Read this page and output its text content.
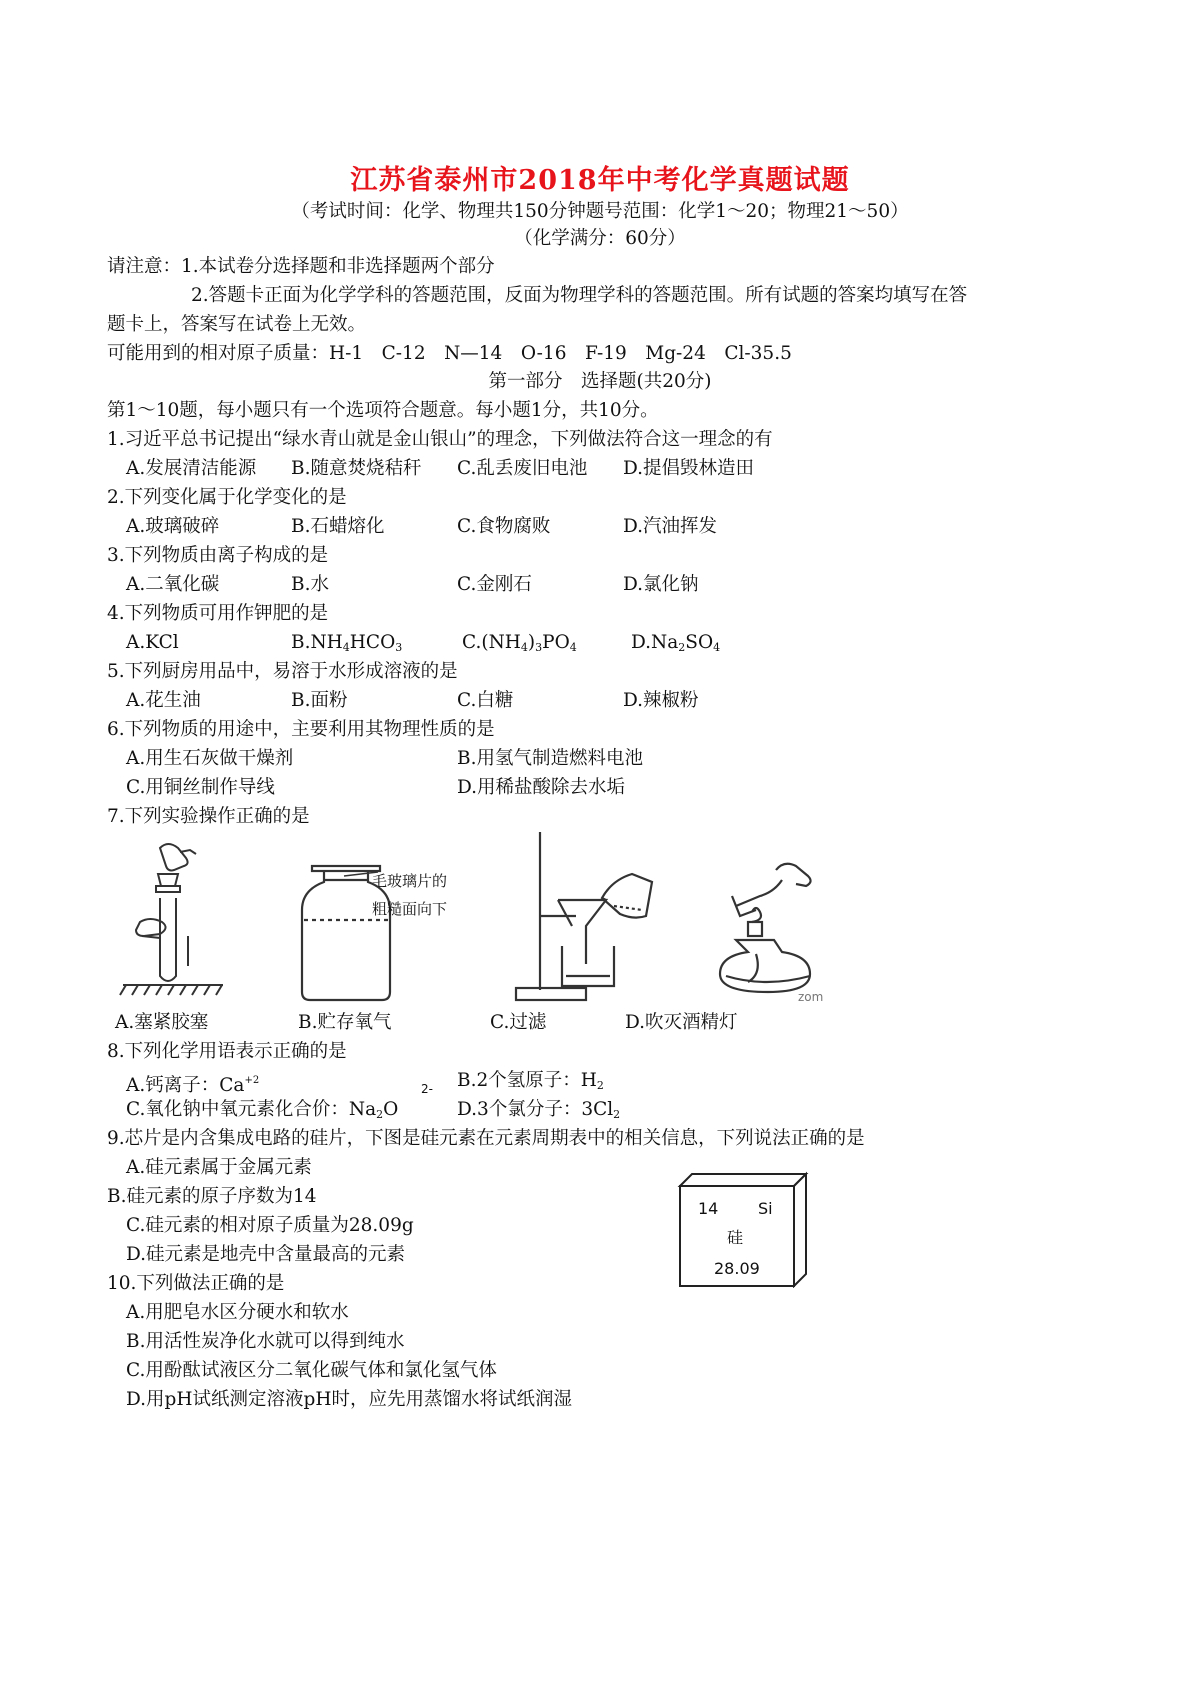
江苏省泰州市2018年中考化学真题试题
（考试时间：化学、物理共150分钟题号范围：化学1～20；物理21～50）
（化学满分：60分）
请注意：1.本试卷分选择题和非选择题两个部分
2.答题卡正面为化学学科的答题范围，反面为物理学科的答题范围。所有试题的答案均填写在答
题卡上，答案写在试卷上无效。
可能用到的相对原子质量：H-1　C-12　N—14　O-16　F-19　Mg-24　Cl-35.5
第一部分　选择题(共20分)
第1～10题，每小题只有一个选项符合题意。每小题1分，共10分。
1.习近平总书记提出“绿水青山就是金山银山”的理念，下列做法符合这一理念的有
A.发展清洁能源 B.随意焚烧秸秆 C.乱丢废旧电池 D.提倡毁林造田
2.下列变化属于化学变化的是
A.玻璃破碎	B.石蜡熔化	C.食物腐败	D.汽油挥发
3.下列物质由离子构成的是
A.二氧化碳	B.水	C.金刚石	D.氯化钠
4.下列物质可用作钾肥的是
A.KCl	$B.NH_4HCO_3$	$C.(NH_4)_3PO_4$	$D.Na_2SO_4$
5.下列厨房用品中，易溶于水形成溶液的是
A.花生油	B.面粉	C.白糖	D.辣椒粉
6.下列物质的用途中，主要利用其物理性质的是
A.用生石灰做干燥剂	B.用氢气制造燃料电池
C.用铜丝制作导线	D.用稀盐酸除去水垢
7.下列实验操作正确的是
毛玻璃片的
粗糙面向下
zom
A.塞紧胶塞	B.贮存氧气	C.过滤	D.吹灭酒精灯
8.下列化学用语表示正确的是
A.钙离子：$Ca^{+2}$	B.2个氢原子：$H_2$
C.氧化钠中氧元素化合价：$Na_2O$
2-
D.3个氯分子：$3Cl_2$
9.芯片是内含集成电路的硅片，下图是硅元素在元素周期表中的相关信息，下列说法正确的是
A.硅元素属于金属元素
B.硅元素的原子序数为14
C.硅元素的相对原子质量为28.09g
D.硅元素是地壳中含量最高的元素
14 Si
硅
28.09
10.下列做法正确的是
A.用肥皂水区分硬水和软水
B.用活性炭净化水就可以得到纯水
C.用酚酞试液区分二氧化碳气体和氯化氢气体
D.用pH试纸测定溶液pH时，应先用蒸馏水将试纸润湿
